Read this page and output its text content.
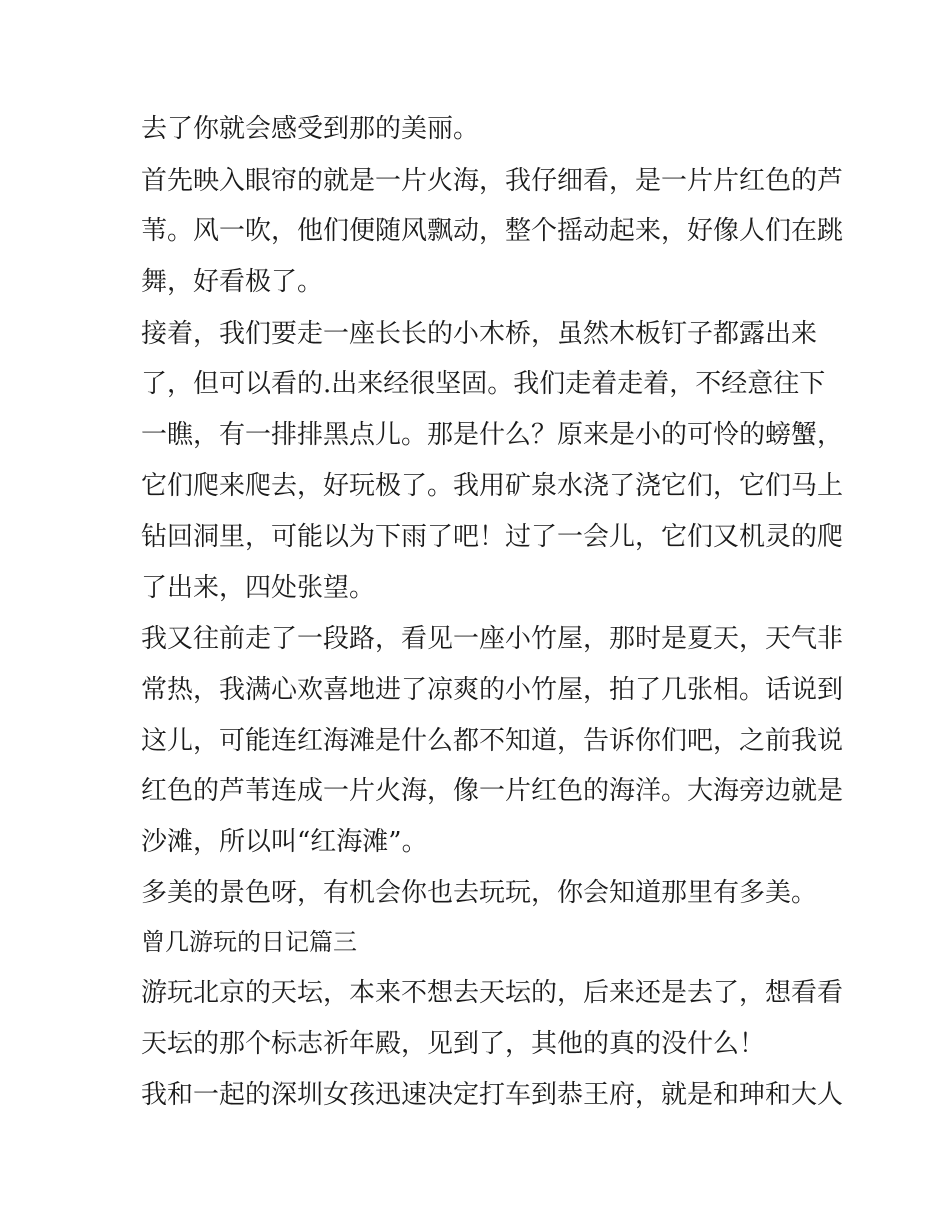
去了你就会感受到那的美丽。
首先映入眼帘的就是一片火海，我仔细看，是一片片红色的芦
苇。风一吹，他们便随风飘动，整个摇动起来，好像人们在跳
舞，好看极了。
接着，我们要走一座长长的小木桥，虽然木板钉子都露出来
了，但可以看的.出来经很坚固。我们走着走着，不经意往下
一瞧，有一排排黑点儿。那是什么？原来是小的可怜的螃蟹，
它们爬来爬去，好玩极了。我用矿泉水浇了浇它们，它们马上
钻回洞里，可能以为下雨了吧！过了一会儿，它们又机灵的爬
了出来，四处张望。
我又往前走了一段路，看见一座小竹屋，那时是夏天，天气非
常热，我满心欢喜地进了凉爽的小竹屋，拍了几张相。话说到
这儿，可能连红海滩是什么都不知道，告诉你们吧，之前我说
红色的芦苇连成一片火海，像一片红色的海洋。大海旁边就是
沙滩，所以叫“红海滩”。
多美的景色呀，有机会你也去玩玩，你会知道那里有多美。
曾几游玩的日记篇三
游玩北京的天坛，本来不想去天坛的，后来还是去了，想看看
天坛的那个标志祈年殿，见到了，其他的真的没什么！
我和一起的深圳女孩迅速决定打车到恭王府，就是和珅和大人
